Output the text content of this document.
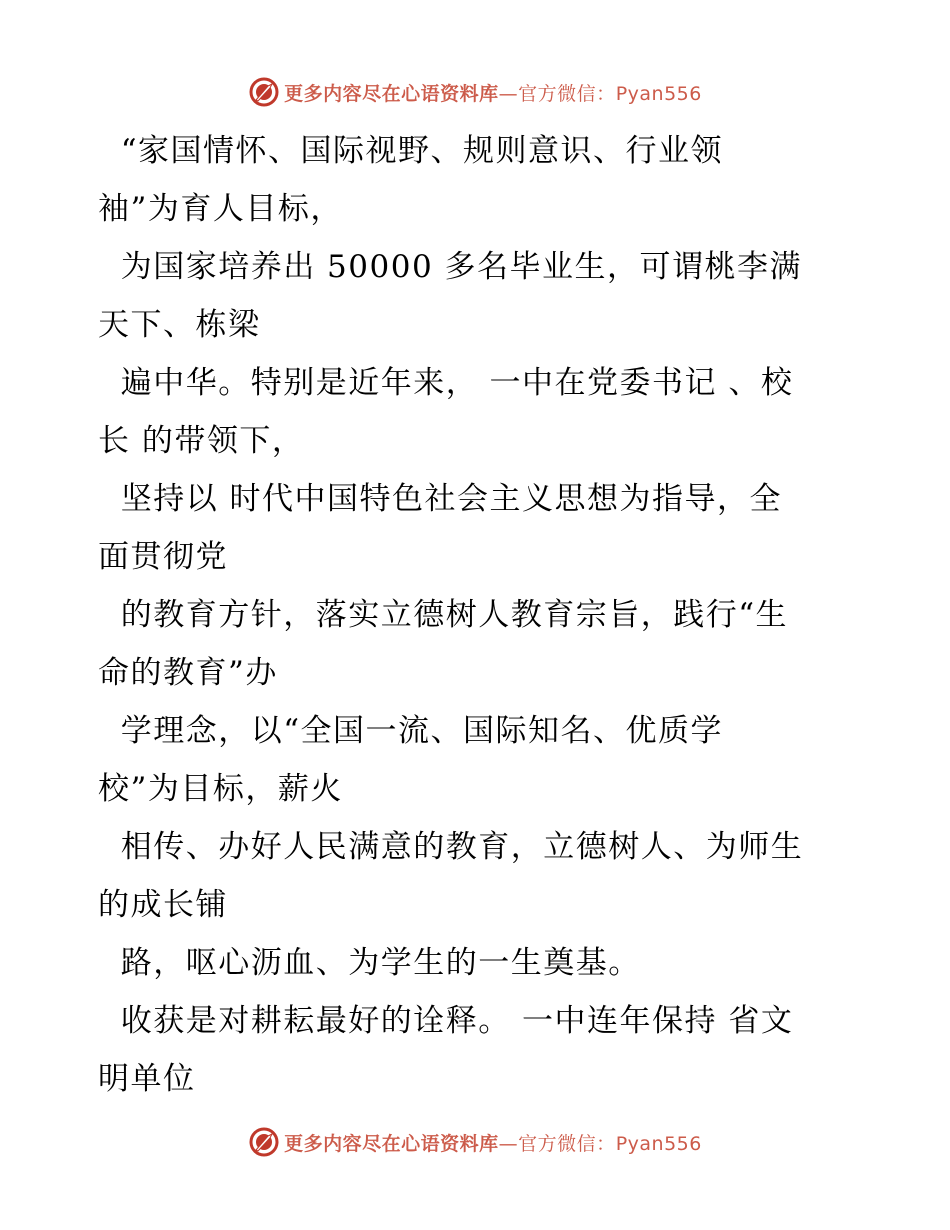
更多内容尽在心语资料库—官方微信：Pyan556
“家国情怀、国际视野、规则意识、行业领
袖”为育人目标，
为国家培养出 50000 多名毕业生，可谓桃李满
天下、栋梁
遍中华。特别是近年来， 一中在党委书记 、校
长 的带领下，
坚持以 时代中国特色社会主义思想为指导，全
面贯彻党
的教育方针，落实立德树人教育宗旨，践行“生
命的教育”办
学理念，以“全国一流、国际知名、优质学
校”为目标，薪火
相传、办好人民满意的教育，立德树人、为师生
的成长铺
路，呕心沥血、为学生的一生奠基。
收获是对耕耘最好的诠释。 一中连年保持 省文
明单位
更多内容尽在心语资料库—官方微信：Pyan556
